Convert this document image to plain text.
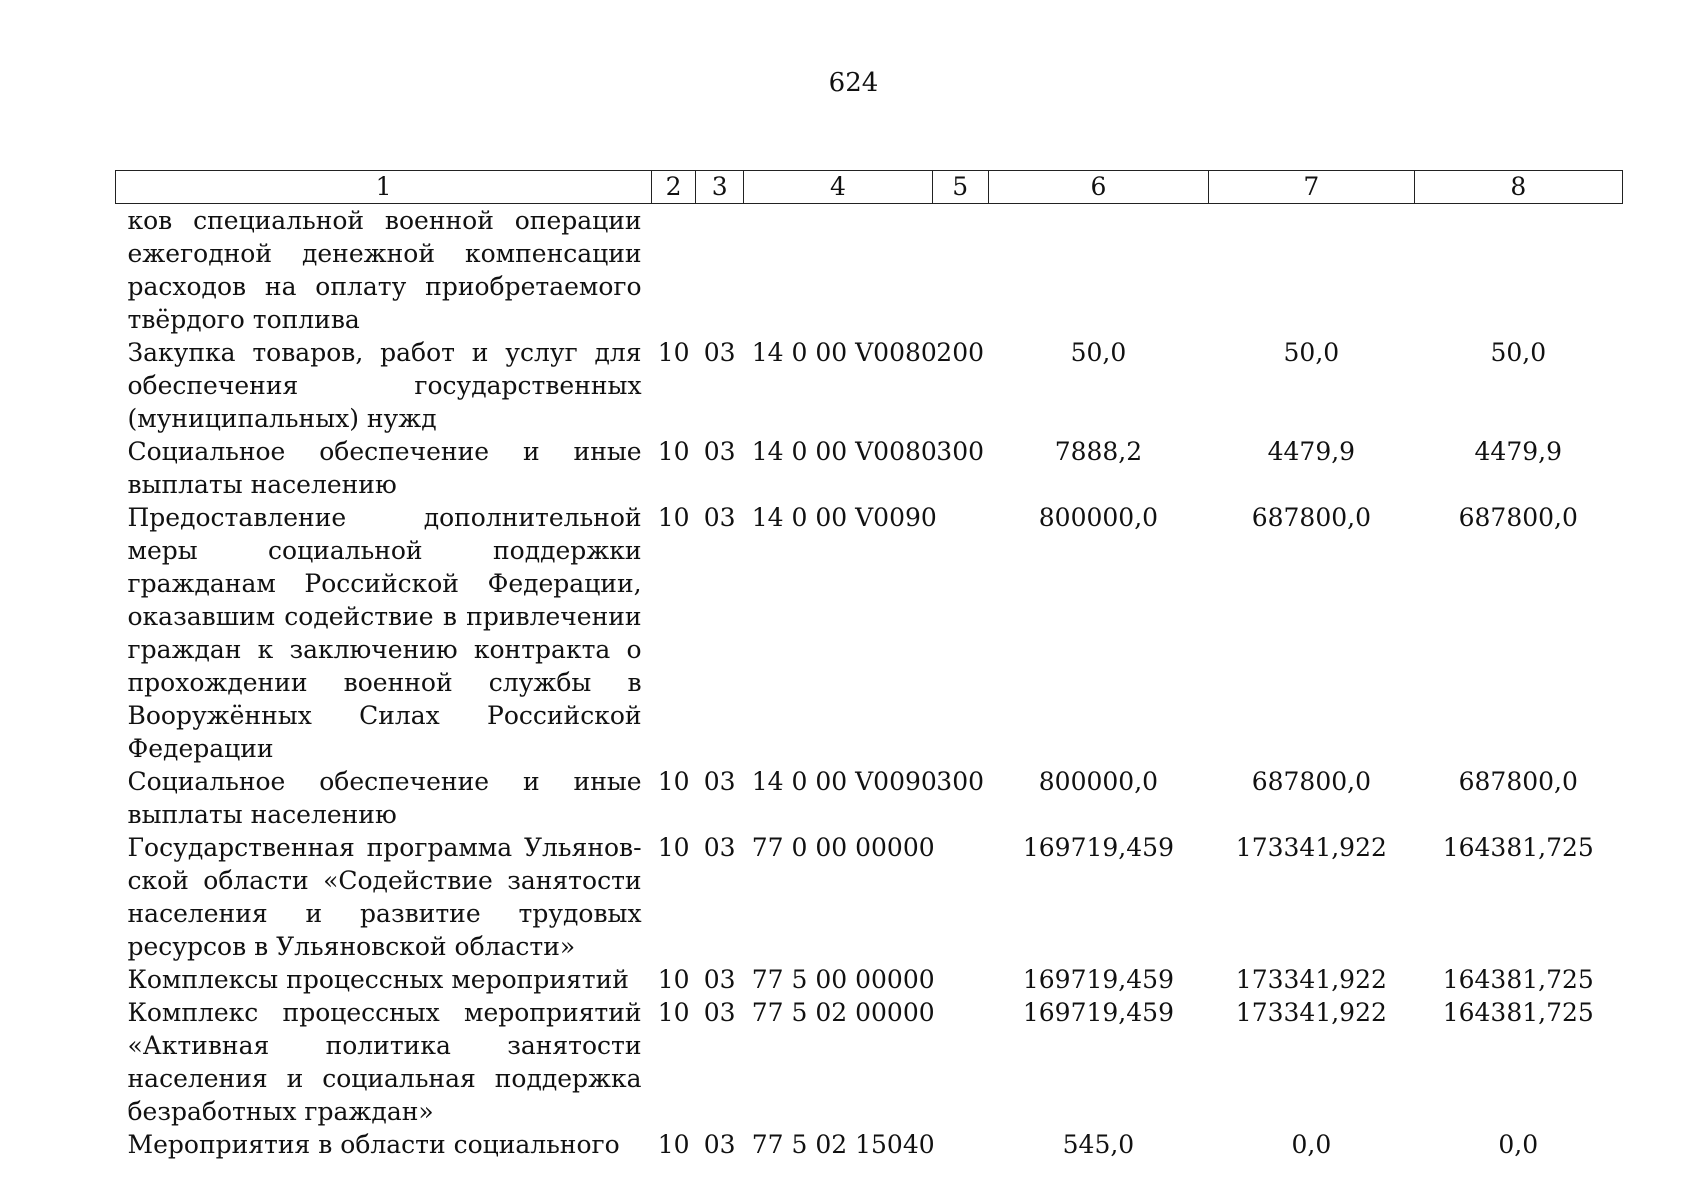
624
1	2	3	4	5	6	7	8
ков специальной военной операции ежегодной денежной компенсации расходов на оплату приобретаемого твёрдого топлива							
Закупка товаров, работ и услуг для обеспечения государственных (муниципальных) нужд	10	03	14 0 00 V0080	200	50,0	50,0	50,0
Социальное обеспечение и иные выплаты населению	10	03	14 0 00 V0080	300	7888,2	4479,9	4479,9
Предоставление дополнительной меры социальной поддержки гражданам Российской Федерации, оказавшим содействие в привлечении граждан к заключению контракта о прохождении военной службы в Вооружённых Силах Российской Федерации	10	03	14 0 00 V0090		800000,0	687800,0	687800,0
Социальное обеспечение и иные выплаты населению	10	03	14 0 00 V0090	300	800000,0	687800,0	687800,0
Государственная программа Ульяновской области «Содействие занятости населения и развитие трудовых ресурсов в Ульяновской области»	10	03	77 0 00 00000		169719,459	173341,922	164381,725
Комплексы процессных мероприятий	10	03	77 5 00 00000		169719,459	173341,922	164381,725
Комплекс процессных мероприятий «Активная политика занятости населения и социальная поддержка безработных граждан»	10	03	77 5 02 00000		169719,459	173341,922	164381,725
Мероприятия в области социального	10	03	77 5 02 15040		545,0	0,0	0,0
